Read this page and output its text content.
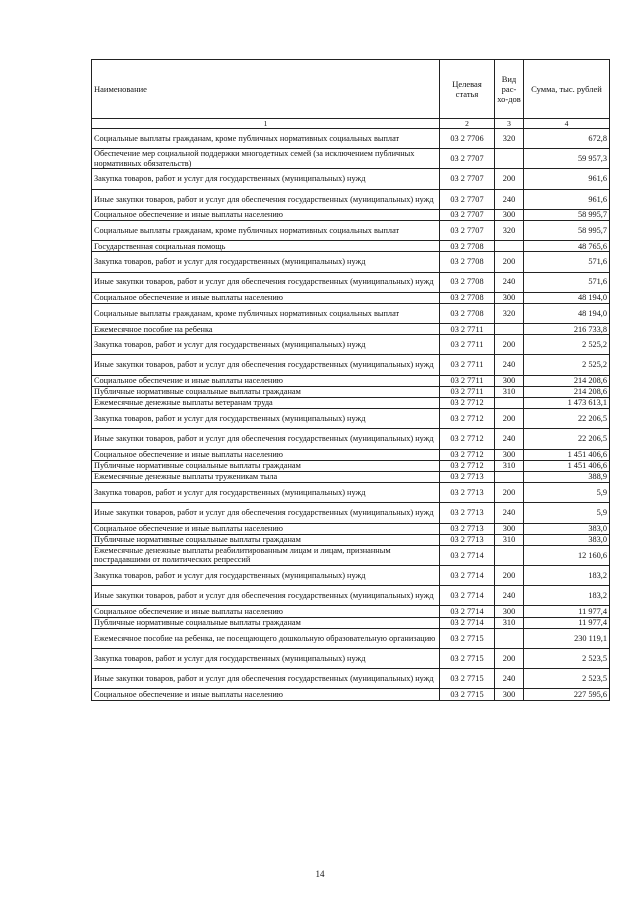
Наименование	Целевая статья	Вид рас-хо-дов	Сумма, тыс. рублей
1	2	3	4
Социальные выплаты гражданам, кроме публичных нормативных социальных выплат	03 2 7706	320	672,8
Обеспечение мер социальной поддержки многодетных семей (за исключением публичных нормативных обязательств)	03 2 7707		59 957,3
Закупка товаров, работ и услуг для государственных (муниципальных) нужд	03 2 7707	200	961,6
Иные закупки товаров, работ и услуг для обеспечения государственных (муниципальных) нужд	03 2 7707	240	961,6
Социальное обеспечение и иные выплаты населению	03 2 7707	300	58 995,7
Социальные выплаты гражданам, кроме публичных нормативных социальных выплат	03 2 7707	320	58 995,7
Государственная социальная помощь	03 2 7708		48 765,6
Закупка товаров, работ и услуг для государственных (муниципальных) нужд	03 2 7708	200	571,6
Иные закупки товаров, работ и услуг для обеспечения государственных (муниципальных) нужд	03 2 7708	240	571,6
Социальное обеспечение и иные выплаты населению	03 2 7708	300	48 194,0
Социальные выплаты гражданам, кроме публичных нормативных социальных выплат	03 2 7708	320	48 194,0
Ежемесячное пособие на ребенка	03 2 7711		216 733,8
Закупка товаров, работ и услуг для государственных (муниципальных) нужд	03 2 7711	200	2 525,2
Иные закупки товаров, работ и услуг для обеспечения государственных (муниципальных) нужд	03 2 7711	240	2 525,2
Социальное обеспечение и иные выплаты населению	03 2 7711	300	214 208,6
Публичные нормативные социальные выплаты гражданам	03 2 7711	310	214 208,6
Ежемесячные денежные выплаты ветеранам труда	03 2 7712		1 473 613,1
Закупка товаров, работ и услуг для государственных (муниципальных) нужд	03 2 7712	200	22 206,5
Иные закупки товаров, работ и услуг для обеспечения государственных (муниципальных) нужд	03 2 7712	240	22 206,5
Социальное обеспечение и иные выплаты населению	03 2 7712	300	1 451 406,6
Публичные нормативные социальные выплаты гражданам	03 2 7712	310	1 451 406,6
Ежемесячные денежные выплаты труженикам тыла	03 2 7713		388,9
Закупка товаров, работ и услуг для государственных (муниципальных) нужд	03 2 7713	200	5,9
Иные закупки товаров, работ и услуг для обеспечения государственных (муниципальных) нужд	03 2 7713	240	5,9
Социальное обеспечение и иные выплаты населению	03 2 7713	300	383,0
Публичные нормативные социальные выплаты гражданам	03 2 7713	310	383,0
Ежемесячные денежные выплаты реабилитированным лицам и лицам, признанным пострадавшими от политических репрессий	03 2 7714		12 160,6
Закупка товаров, работ и услуг для государственных (муниципальных) нужд	03 2 7714	200	183,2
Иные закупки товаров, работ и услуг для обеспечения государственных (муниципальных) нужд	03 2 7714	240	183,2
Социальное обеспечение и иные выплаты населению	03 2 7714	300	11 977,4
Публичные нормативные социальные выплаты гражданам	03 2 7714	310	11 977,4
Ежемесячное пособие на ребенка, не посещающего дошкольную образовательную организацию	03 2 7715		230 119,1
Закупка товаров, работ и услуг для государственных (муниципальных) нужд	03 2 7715	200	2 523,5
Иные закупки товаров, работ и услуг для обеспечения государственных (муниципальных) нужд	03 2 7715	240	2 523,5
Социальное обеспечение и иные выплаты населению	03 2 7715	300	227 595,6
14
